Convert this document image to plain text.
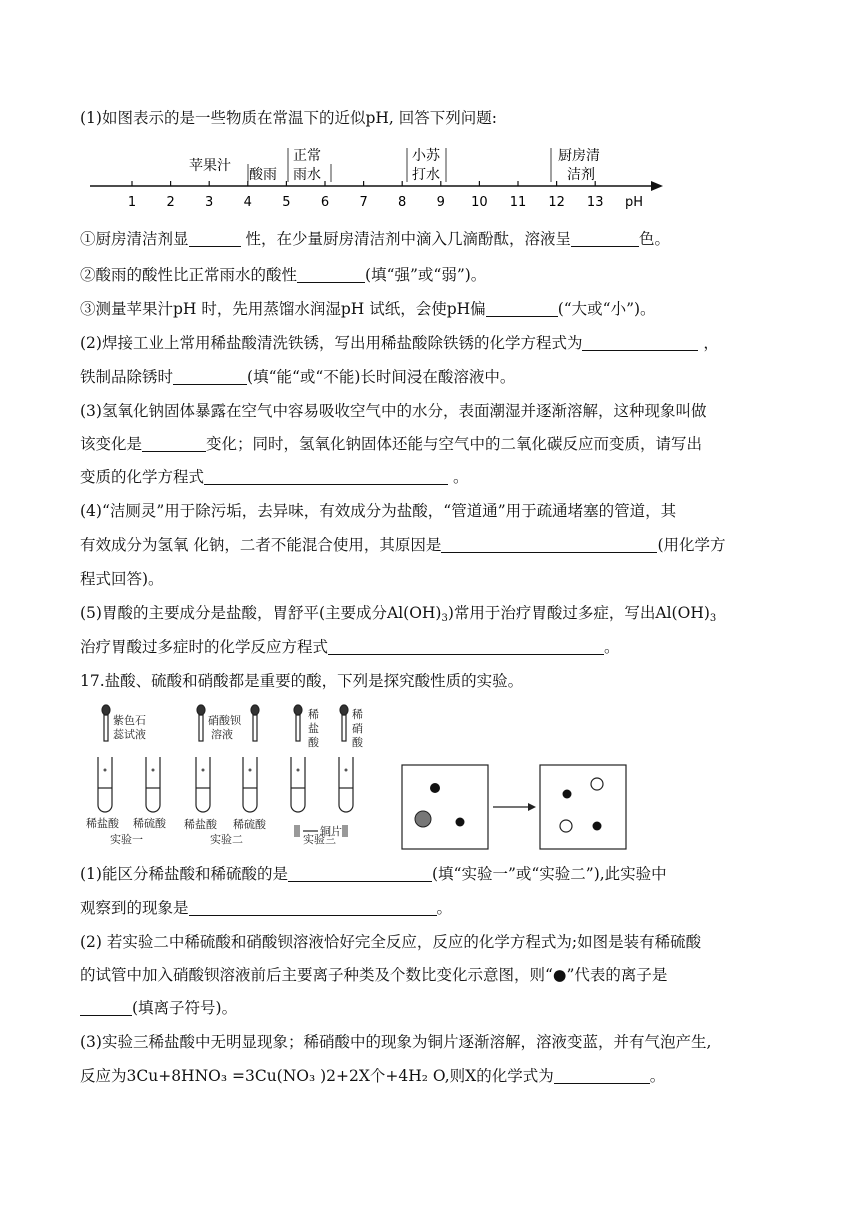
(1)如图表示的是一些物质在常温下的近似pH, 回答下列问题:
1 2 3 4 5 6 7 8 9 10 11 12 13 pH
苹果汁
酸雨
正常
雨水
小苏
打水
厨房清
洁剂
①厨房清洁剂显	性，在少量厨房清洁剂中滴入几滴酚酞，溶液呈	色。
②酸雨的酸性比正常雨水的酸性	(填“强”或“弱”)。
③测量苹果汁pH 时，先用蒸馏水润湿pH 试纸，会使pH偏	(“大或“小”)。
(2)焊接工业上常用稀盐酸清洗铁锈，写出用稀盐酸除铁锈的化学方程式为	，
铁制品除锈时	(填“能“或“不能)长时间浸在酸溶液中。
(3)氢氧化钠固体暴露在空气中容易吸收空气中的水分，表面潮湿并逐渐溶解，这种现象叫做
该变化是	变化；同时，氢氧化钠固体还能与空气中的二氧化碳反应而变质，请写出
变质的化学方程式	。
(4)“洁厕灵”用于除污垢，去异味，有效成分为盐酸，“管道通”用于疏通堵塞的管道，其
有效成分为氢氧 化钠，二者不能混合使用，其原因是	(用化学方
程式回答)。
(5)胃酸的主要成分是盐酸，胃舒平(主要成分$Al(OH)_3$)常用于治疗胃酸过多症，写出$Al(OH)_3$
治疗胃酸过多症时的化学反应方程式	。
17.盐酸、硫酸和硝酸都是重要的酸，下列是探究酸性质的实验。
紫色石
蕊试液
硝酸钡
溶液
稀
盐
酸
稀
硝
酸
铜片
稀盐酸 稀硫酸 稀盐酸 稀硫酸
实验一	实验二	实验三
(1)能区分稀盐酸和稀硫酸的是	(填“实验一”或“实验二”),此实验中
观察到的现象是	。
(2) 若实验二中稀硫酸和硝酸钡溶液恰好完全反应，反应的化学方程式为;如图是装有稀硫酸
的试管中加入硝酸钡溶液前后主要离子种类及个数比变化示意图，则“●”代表的离子是
(填离子符号)。
(3)实验三稀盐酸中无明显现象；稀硝酸中的现象为铜片逐渐溶解，溶液变蓝，并有气泡产生,
反应为3Cu+8HNO₃ =3Cu(NO₃ )2+2X个+4H₂ O,则X的化学式为	。
